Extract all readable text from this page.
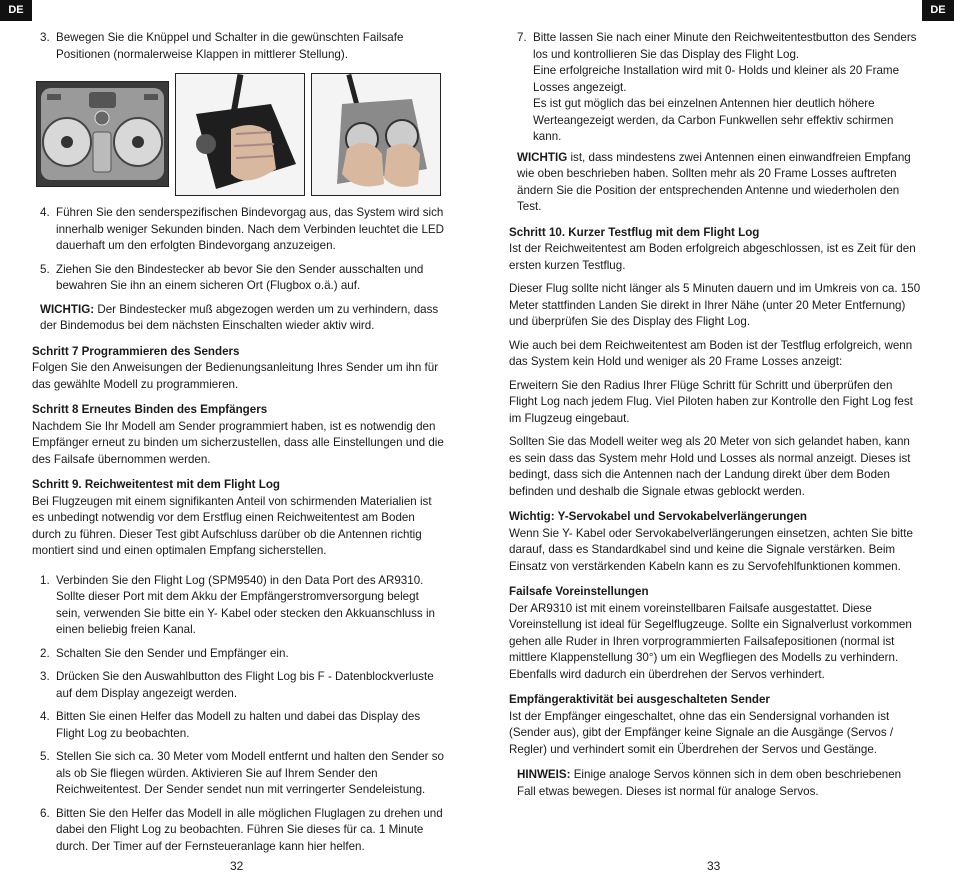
DE	DE
3. Bewegen Sie die Knüppel und Schalter in die gewünschten Failsafe Positionen (normalerweise Klappen in mittlerer Stellung).
4. Führen Sie den senderspezifischen Bindevorgag aus, das System wird sich innerhalb weniger Sekunden binden. Nach dem Verbinden leuchtet die LED dauerhaft um den erfolgten Bindevorgang anzuzeigen.
5. Ziehen Sie den Bindestecker ab bevor Sie den Sender ausschalten und bewahren Sie ihn an einem sicheren Ort (Flugbox o.ä.) auf.

WICHTIG: Der Bindestecker muß abgezogen werden um zu verhindern, dass der Bindemodus bei dem nächsten Einschalten wieder aktiv wird.

Schritt 7 Programmieren des Senders
Folgen Sie den Anweisungen der Bedienungsanleitung Ihres Sender um ihn für das gewählte Modell zu programmieren.
Schritt 8 Erneutes Binden des Empfängers
Nachdem Sie Ihr Modell am Sender programmiert haben, ist es notwendig den Empfänger erneut zu binden um sicherzustellen, dass alle Einstellungen und die des Failsafe übernommen werden.
Schritt 9. Reichweitentest mit dem Flight Log
Bei Flugzeugen mit einem signifikanten Anteil von schirmenden Materialien ist es unbedingt notwendig vor dem Erstflug einen Reichweitentest am Boden durch zu führen. Dieser Test gibt Aufschluss darüber ob die Antennen richtig montiert sind und einen optimalen Empfang sicherstellen.
1. Verbinden Sie den Flight Log (SPM9540) in den Data Port des AR9310. Sollte dieser Port mit dem Akku der Empfängerstromversorgung belegt sein, verwenden Sie bitte ein Y- Kabel oder stecken den Akkuanschluss in einen beliebig freien Kanal.
2. Schalten Sie den Sender und Empfänger ein.
3. Drücken Sie den Auswahlbutton des Flight Log bis F - Datenblockverluste auf dem Display angezeigt werden.
4. Bitten Sie einen Helfer das Modell zu halten und dabei das Display des Flight Log zu beobachten.
5. Stellen Sie sich ca. 30 Meter vom Modell entfernt und halten den Sender so als ob Sie fliegen würden. Aktivieren Sie auf Ihrem Sender den Reichweitentest. Der Sender sendet nun mit verringerter Sendeleistung.
6. Bitten Sie den Helfer das Modell in alle möglichen Fluglagen zu drehen und dabei den Flight Log zu beobachten. Führen Sie dieses für ca. 1 Minute durch. Der Timer auf der Fernsteueranlage kann hier helfen.
32
7. Bitte lassen Sie nach einer Minute den Reichweitentestbutton des Senders los und kontrollieren Sie das Display des Flight Log.
Eine erfolgreiche Installation wird mit 0- Holds und kleiner als 20 Frame Losses angezeigt.
Es ist gut möglich das bei einzelnen Antennen hier deutlich höhere Werteangezeigt werden, da Carbon Funkwellen sehr effektiv schirmen kann.

WICHTIG ist, dass mindestens zwei Antennen einen einwandfreien Empfang wie oben beschrieben haben. Sollten mehr als 20 Frame Losses auftreten ändern Sie die Position der entsprechenden Antenne und wiederholen den Test.

Schritt 10. Kurzer Testflug mit dem Flight Log

Ist der Reichweitentest am Boden erfolgreich abgeschlossen, ist es Zeit für den ersten kurzen Testflug.

Dieser Flug sollte nicht länger als 5 Minuten dauern und im Umkreis von ca. 150 Meter stattfinden Landen Sie direkt in Ihrer Nähe (unter 20 Meter Entfernung) und überprüfen Sie des Display des Flight Log.

Wie auch bei dem Reichweitentest am Boden ist der Testflug erfolgreich, wenn das System kein Hold und weniger als 20 Frame Losses anzeigt:

Erweitern Sie den Radius Ihrer Flüge Schritt für Schritt und überprüfen den Flight Log nach jedem Flug. Viel Piloten haben zur Kontrolle den Fight Log fest im Flugzeug eingebaut.

Sollten Sie das Modell weiter weg als 20 Meter von sich gelandet haben, kann es sein dass das System mehr Hold und Losses als normal anzeigt. Dieses ist bedingt, dass sich die Antennen nach der Landung direkt über dem Boden befinden und deshalb die Signale etwas geblockt werden.

Wichtig: Y-Servokabel und Servokabelverlängerungen
Wenn Sie Y- Kabel oder Servokabelverlängerungen einsetzen, achten Sie bitte darauf, dass es Standardkabel sind und keine die Signale verstärken. Beim Einsatz von verstärkenden Kabeln kann es zu Servofehlfunktionen kommen.
Failsafe Voreinstellungen
Der AR9310 ist mit einem voreinstellbaren Failsafe ausgestattet. Diese Voreinstellung ist ideal für Segelflugzeuge. Sollte ein Signalverlust vorkommen gehen alle Ruder in Ihren vorprogrammierten Failsafepositionen (normal ist mittlere Klappenstellung 30°) um ein Wegfliegen des Modells zu verhindern. Ebenfalls wird dadurch ein überdrehen der Servos verhindert.
Empfängeraktivität bei ausgeschalteten Sender
Ist der Empfänger eingeschaltet, ohne das ein Sendersignal vorhanden ist (Sender aus), gibt der Empfänger keine Signale an die Ausgänge (Servos / Regler) und verhindert somit ein Überdrehen der Servos und Gestänge.

HINWEIS: Einige analoge Servos können sich in dem oben beschriebenen Fall etwas bewegen. Dieses ist normal für analoge Servos.

33
